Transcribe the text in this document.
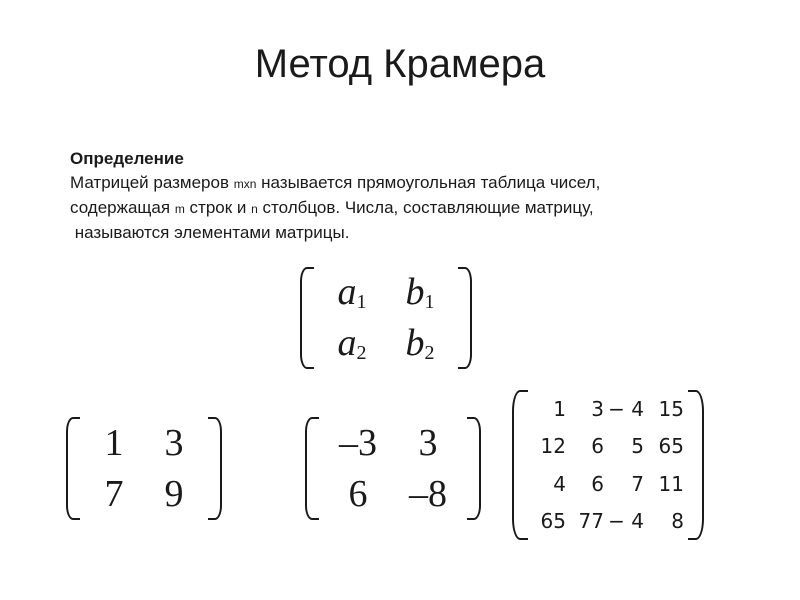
Метод Крамера
Определение
Матрицей размеров mxn называется прямоугольная таблица чисел,
содержащая m строк и n столбцов. Числа, составляющие матрицу,
называются элементами матрицы.
$a_1$ $b_1$
$a_2$ $b_2$
1 3
7 9
–3 3
6 –8
1 3 − 4 15
12 6 5 65
4 6 7 11
65 77 − 4 8
